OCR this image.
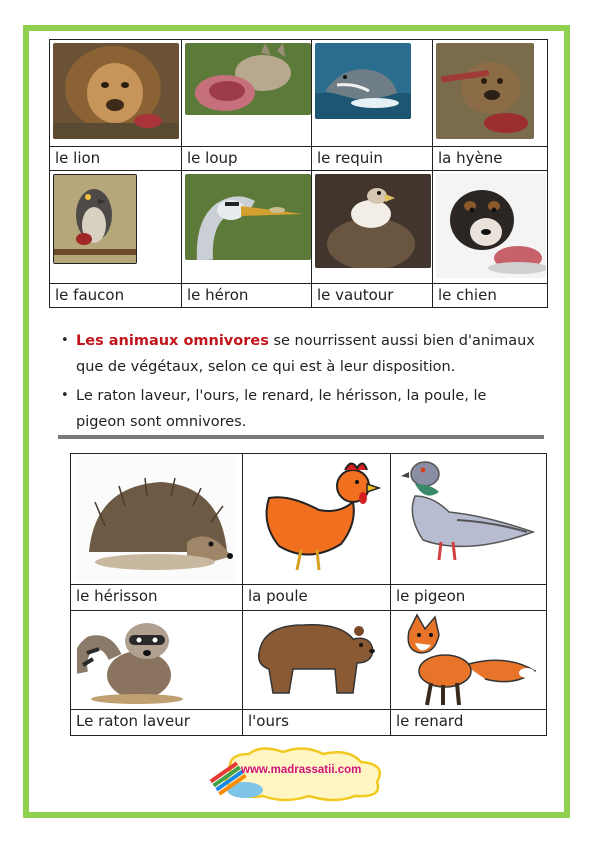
le lion	le loup	le requin	la hyène

le faucon	le héron	le vautour	le chien
• Les animaux omnivores se nourrissent aussi bien d'animaux que de végétaux, selon ce qui est à leur disposition.
• Le raton laveur, l'ours, le renard, le hérisson, la poule, le pigeon sont omnivores.

le hérisson	la poule	le pigeon

Le raton laveur	l'ours	le renard
www.madrassatii.com
